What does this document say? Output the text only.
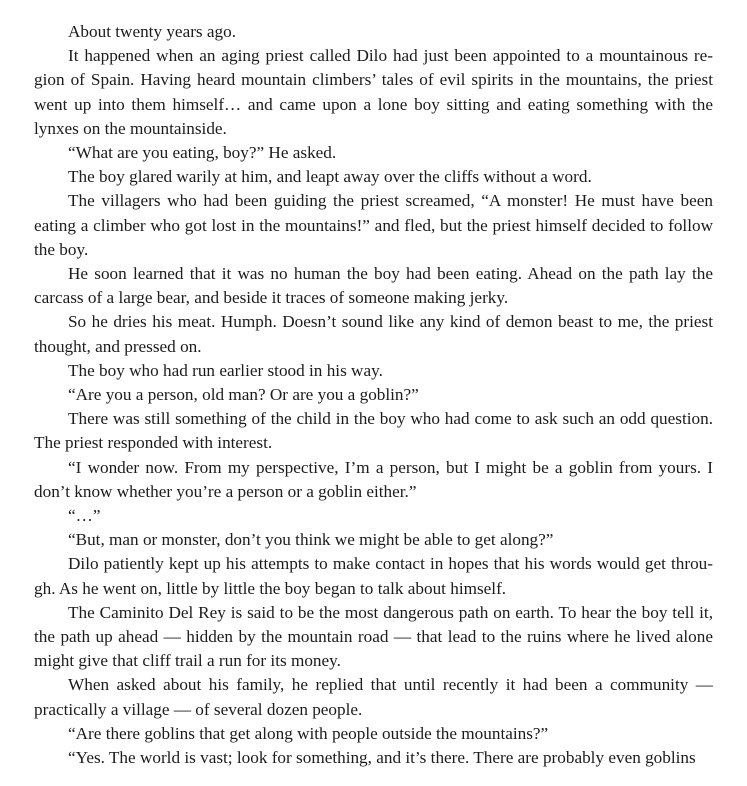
About twenty years ago.

It happened when an aging priest called Dilo had just been appointed to a mountainous region of Spain. Having heard mountain climbers’ tales of evil spirits in the mountains, the priest went up into them himself… and came upon a lone boy sitting and eating something with the lynxes on the mountainside.

“What are you eating, boy?” He asked.

The boy glared warily at him, and leapt away over the cliffs without a word.

The villagers who had been guiding the priest screamed, “A monster! He must have been eating a climber who got lost in the mountains!” and fled, but the priest himself decided to follow the boy.

He soon learned that it was no human the boy had been eating. Ahead on the path lay the carcass of a large bear, and beside it traces of someone making jerky.

So he dries his meat. Humph. Doesn’t sound like any kind of demon beast to me, the priest thought, and pressed on.

The boy who had run earlier stood in his way.

“Are you a person, old man? Or are you a goblin?”

There was still something of the child in the boy who had come to ask such an odd question. The priest responded with interest.

“I wonder now. From my perspective, I’m a person, but I might be a goblin from yours. I don’t know whether you’re a person or a goblin either.”

“…”

“But, man or monster, don’t you think we might be able to get along?”

Dilo patiently kept up his attempts to make contact in hopes that his words would get through. As he went on, little by little the boy began to talk about himself.

The Caminito Del Rey is said to be the most dangerous path on earth. To hear the boy tell it, the path up ahead — hidden by the mountain road — that lead to the ruins where he lived alone might give that cliff trail a run for its money.

When asked about his family, he replied that until recently it had been a community — practically a village — of several dozen people.

“Are there goblins that get along with people outside the mountains?”

“Yes. The world is vast; look for something, and it’s there. There are probably even goblins
